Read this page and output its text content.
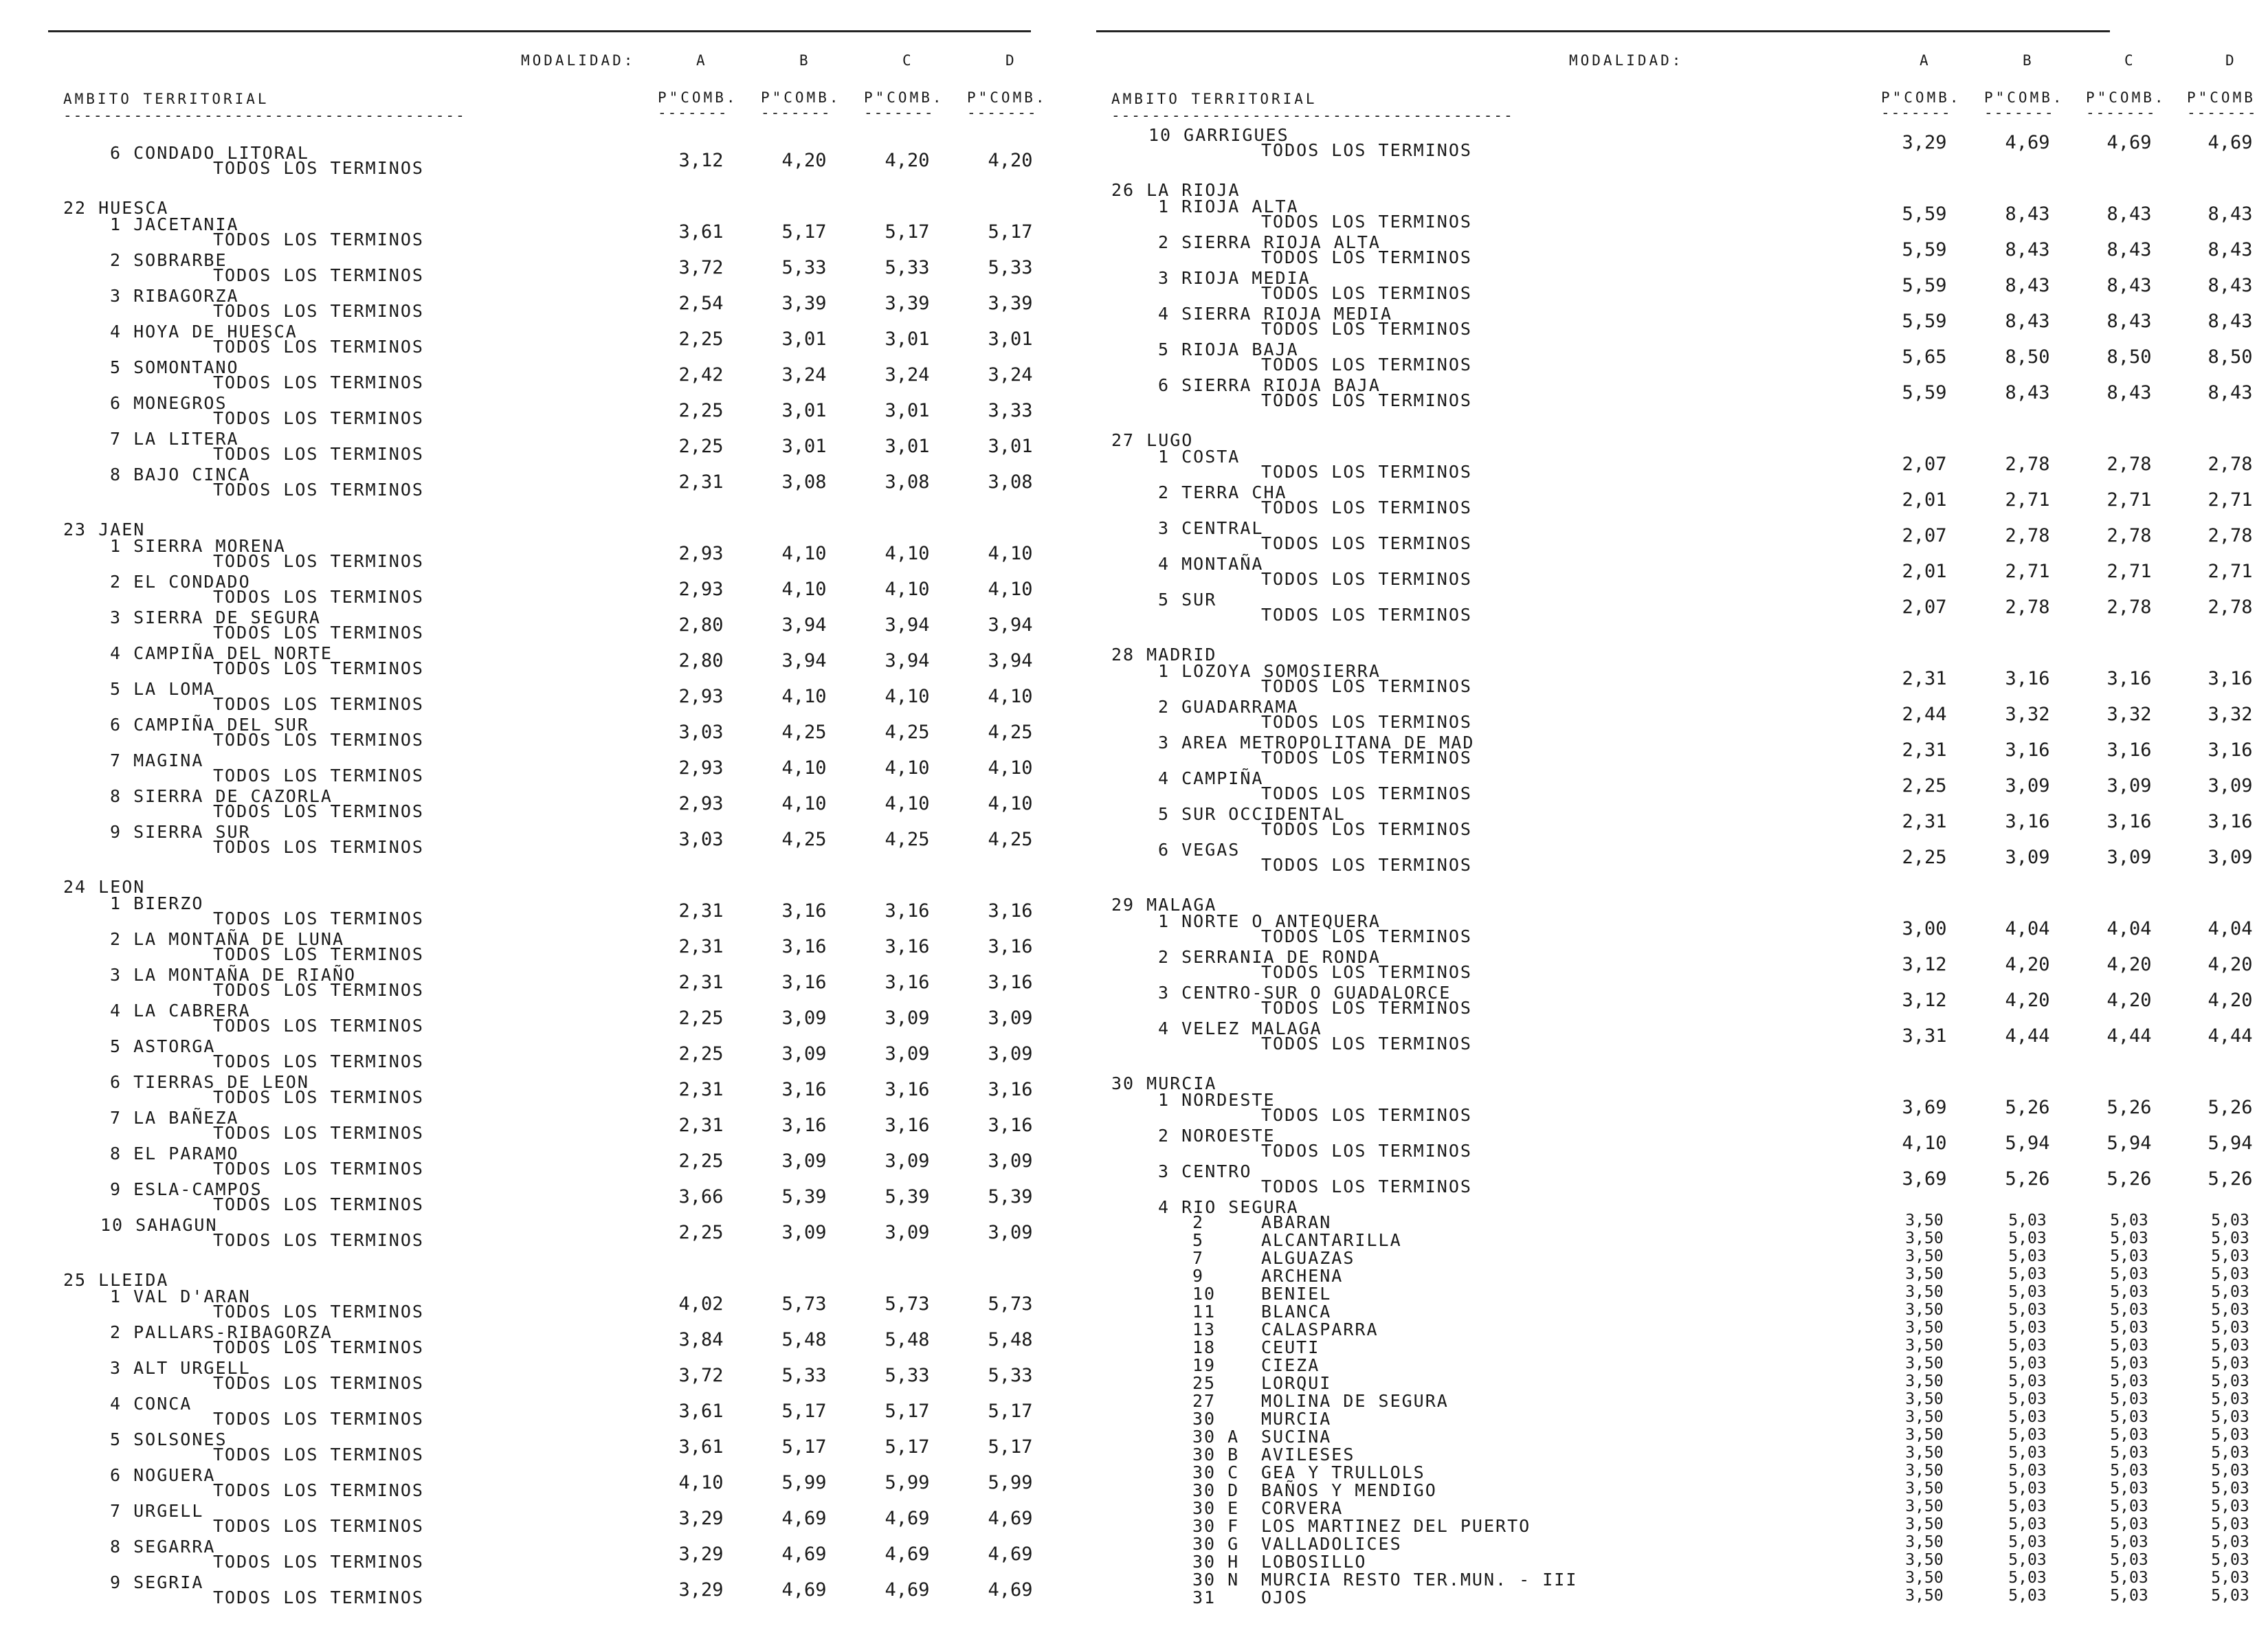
MODALIDAD:	A	B	C	D
AMBITO TERRITORIAL	P"COMB. P"COMB. P"COMB. P"COMB.
----------------------------------------	------- ------- ------- -------
6 CONDADO LITORAL
TODOS LOS TERMINOS	3,12	4,20	4,20	4,20
22 HUESCA
1 JACETANIA
TODOS LOS TERMINOS	3,61	5,17	5,17	5,17
2 SOBRARBE
TODOS LOS TERMINOS	3,72	5,33	5,33	5,33
3 RIBAGORZA
TODOS LOS TERMINOS	2,54	3,39	3,39	3,39
4 HOYA DE HUESCA
TODOS LOS TERMINOS	2,25	3,01	3,01	3,01
5 SOMONTANO
TODOS LOS TERMINOS	2,42	3,24	3,24	3,24
6 MONEGROS
TODOS LOS TERMINOS	2,25	3,01	3,01	3,33
7 LA LITERA
TODOS LOS TERMINOS	2,25	3,01	3,01	3,01
8 BAJO CINCA
TODOS LOS TERMINOS	2,31	3,08	3,08	3,08
23 JAEN
1 SIERRA MORENA
TODOS LOS TERMINOS	2,93	4,10	4,10	4,10
2 EL CONDADO
TODOS LOS TERMINOS	2,93	4,10	4,10	4,10
3 SIERRA DE SEGURA
TODOS LOS TERMINOS	2,80	3,94	3,94	3,94
4 CAMPIÑA DEL NORTE
TODOS LOS TERMINOS	2,80	3,94	3,94	3,94
5 LA LOMA
TODOS LOS TERMINOS	2,93	4,10	4,10	4,10
6 CAMPIÑA DEL SUR
TODOS LOS TERMINOS	3,03	4,25	4,25	4,25
7 MAGINA
TODOS LOS TERMINOS	2,93	4,10	4,10	4,10
8 SIERRA DE CAZORLA
TODOS LOS TERMINOS	2,93	4,10	4,10	4,10
9 SIERRA SUR
TODOS LOS TERMINOS	3,03	4,25	4,25	4,25
24 LEON
1 BIERZO
TODOS LOS TERMINOS	2,31	3,16	3,16	3,16
2 LA MONTAÑA DE LUNA
TODOS LOS TERMINOS	2,31	3,16	3,16	3,16
3 LA MONTAÑA DE RIAÑO
TODOS LOS TERMINOS	2,31	3,16	3,16	3,16
4 LA CABRERA
TODOS LOS TERMINOS	2,25	3,09	3,09	3,09
5 ASTORGA
TODOS LOS TERMINOS	2,25	3,09	3,09	3,09
6 TIERRAS DE LEON
TODOS LOS TERMINOS	2,31	3,16	3,16	3,16
7 LA BAÑEZA
TODOS LOS TERMINOS	2,31	3,16	3,16	3,16
8 EL PARAMO
TODOS LOS TERMINOS	2,25	3,09	3,09	3,09
9 ESLA-CAMPOS
TODOS LOS TERMINOS	3,66	5,39	5,39	5,39
10 SAHAGUN
TODOS LOS TERMINOS	2,25	3,09	3,09	3,09
25 LLEIDA
1 VAL D'ARAN
TODOS LOS TERMINOS	4,02	5,73	5,73	5,73
2 PALLARS-RIBAGORZA
TODOS LOS TERMINOS	3,84	5,48	5,48	5,48
3 ALT URGELL
TODOS LOS TERMINOS	3,72	5,33	5,33	5,33
4 CONCA
TODOS LOS TERMINOS	3,61	5,17	5,17	5,17
5 SOLSONES
TODOS LOS TERMINOS	3,61	5,17	5,17	5,17
6 NOGUERA
TODOS LOS TERMINOS	4,10	5,99	5,99	5,99
7 URGELL
TODOS LOS TERMINOS	3,29	4,69	4,69	4,69
8 SEGARRA
TODOS LOS TERMINOS	3,29	4,69	4,69	4,69
9 SEGRIA
TODOS LOS TERMINOS	3,29	4,69	4,69	4,69
MODALIDAD:	A	B	C	D
AMBITO TERRITORIAL	P"COMB. P"COMB. P"COMB. P"COMB
----------------------------------------	------- ------- ------- -------
10 GARRIGUES
TODOS LOS TERMINOS	3,29	4,69	4,69	4,69
26 LA RIOJA
1 RIOJA ALTA
TODOS LOS TERMINOS	5,59	8,43	8,43	8,43
2 SIERRA RIOJA ALTA
TODOS LOS TERMINOS	5,59	8,43	8,43	8,43
3 RIOJA MEDIA
TODOS LOS TERMINOS	5,59	8,43	8,43	8,43
4 SIERRA RIOJA MEDIA
TODOS LOS TERMINOS	5,59	8,43	8,43	8,43
5 RIOJA BAJA
TODOS LOS TERMINOS	5,65	8,50	8,50	8,50
6 SIERRA RIOJA BAJA
TODOS LOS TERMINOS	5,59	8,43	8,43	8,43
27 LUGO
1 COSTA
TODOS LOS TERMINOS	2,07	2,78	2,78	2,78
2 TERRA CHA
TODOS LOS TERMINOS	2,01	2,71	2,71	2,71
3 CENTRAL
TODOS LOS TERMINOS	2,07	2,78	2,78	2,78
4 MONTAÑA
TODOS LOS TERMINOS	2,01	2,71	2,71	2,71
5 SUR
TODOS LOS TERMINOS	2,07	2,78	2,78	2,78
28 MADRID
1 LOZOYA SOMOSIERRA
TODOS LOS TERMINOS	2,31	3,16	3,16	3,16
2 GUADARRAMA
TODOS LOS TERMINOS	2,44	3,32	3,32	3,32
3 AREA METROPOLITANA DE MAD
TODOS LOS TERMINOS	2,31	3,16	3,16	3,16
4 CAMPIÑA
TODOS LOS TERMINOS	2,25	3,09	3,09	3,09
5 SUR OCCIDENTAL
TODOS LOS TERMINOS	2,31	3,16	3,16	3,16
6 VEGAS
TODOS LOS TERMINOS	2,25	3,09	3,09	3,09
29 MALAGA
1 NORTE O ANTEQUERA
TODOS LOS TERMINOS	3,00	4,04	4,04	4,04
2 SERRANIA DE RONDA
TODOS LOS TERMINOS	3,12	4,20	4,20	4,20
3 CENTRO-SUR O GUADALORCE
TODOS LOS TERMINOS	3,12	4,20	4,20	4,20
4 VELEZ MALAGA
TODOS LOS TERMINOS	3,31	4,44	4,44	4,44
30 MURCIA
1 NORDESTE
TODOS LOS TERMINOS	3,69	5,26	5,26	5,26
2 NOROESTE
TODOS LOS TERMINOS	4,10	5,94	5,94	5,94
3 CENTRO
TODOS LOS TERMINOS	3,69	5,26	5,26	5,26
4 RIO SEGURA
2	ABARAN	3,50	5,03	5,03	5,03
5	ALCANTARILLA	3,50	5,03	5,03	5,03
7	ALGUAZAS	3,50	5,03	5,03	5,03
9	ARCHENA	3,50	5,03	5,03	5,03
10	BENIEL	3,50	5,03	5,03	5,03
11	BLANCA	3,50	5,03	5,03	5,03
13	CALASPARRA	3,50	5,03	5,03	5,03
18	CEUTI	3,50	5,03	5,03	5,03
19	CIEZA	3,50	5,03	5,03	5,03
25	LORQUI	3,50	5,03	5,03	5,03
27	MOLINA DE SEGURA	3,50	5,03	5,03	5,03
30	MURCIA	3,50	5,03	5,03	5,03
30 A SUCINA	3,50	5,03	5,03	5,03
30 B AVILESES	3,50	5,03	5,03	5,03
30 C GEA Y TRULLOLS	3,50	5,03	5,03	5,03
30 D BAÑOS Y MENDIGO	3,50	5,03	5,03	5,03
30 E CORVERA	3,50	5,03	5,03	5,03
30 F LOS MARTINEZ DEL PUERTO	3,50	5,03	5,03	5,03
30 G VALLADOLICES	3,50	5,03	5,03	5,03
30 H LOBOSILLO	3,50	5,03	5,03	5,03
30 N MURCIA RESTO TER.MUN. - III	3,50	5,03	5,03	5,03
31	OJOS	3,50	5,03	5,03	5,03
